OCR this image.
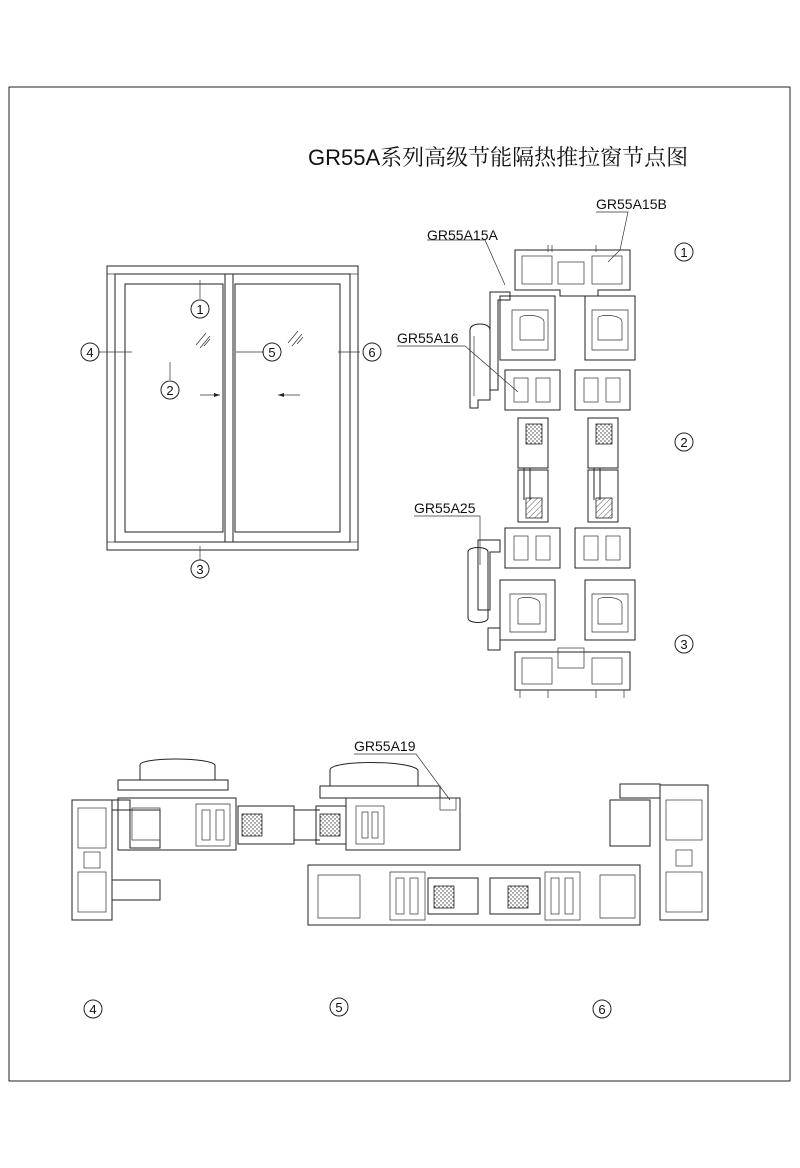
GR55A系列高级节能隔热推拉窗节点图
1
2
3
4	5	6
GR55A15A
GR55A15B
GR55A16
GR55A25
1
2
3
GR55A19
4	5	6
